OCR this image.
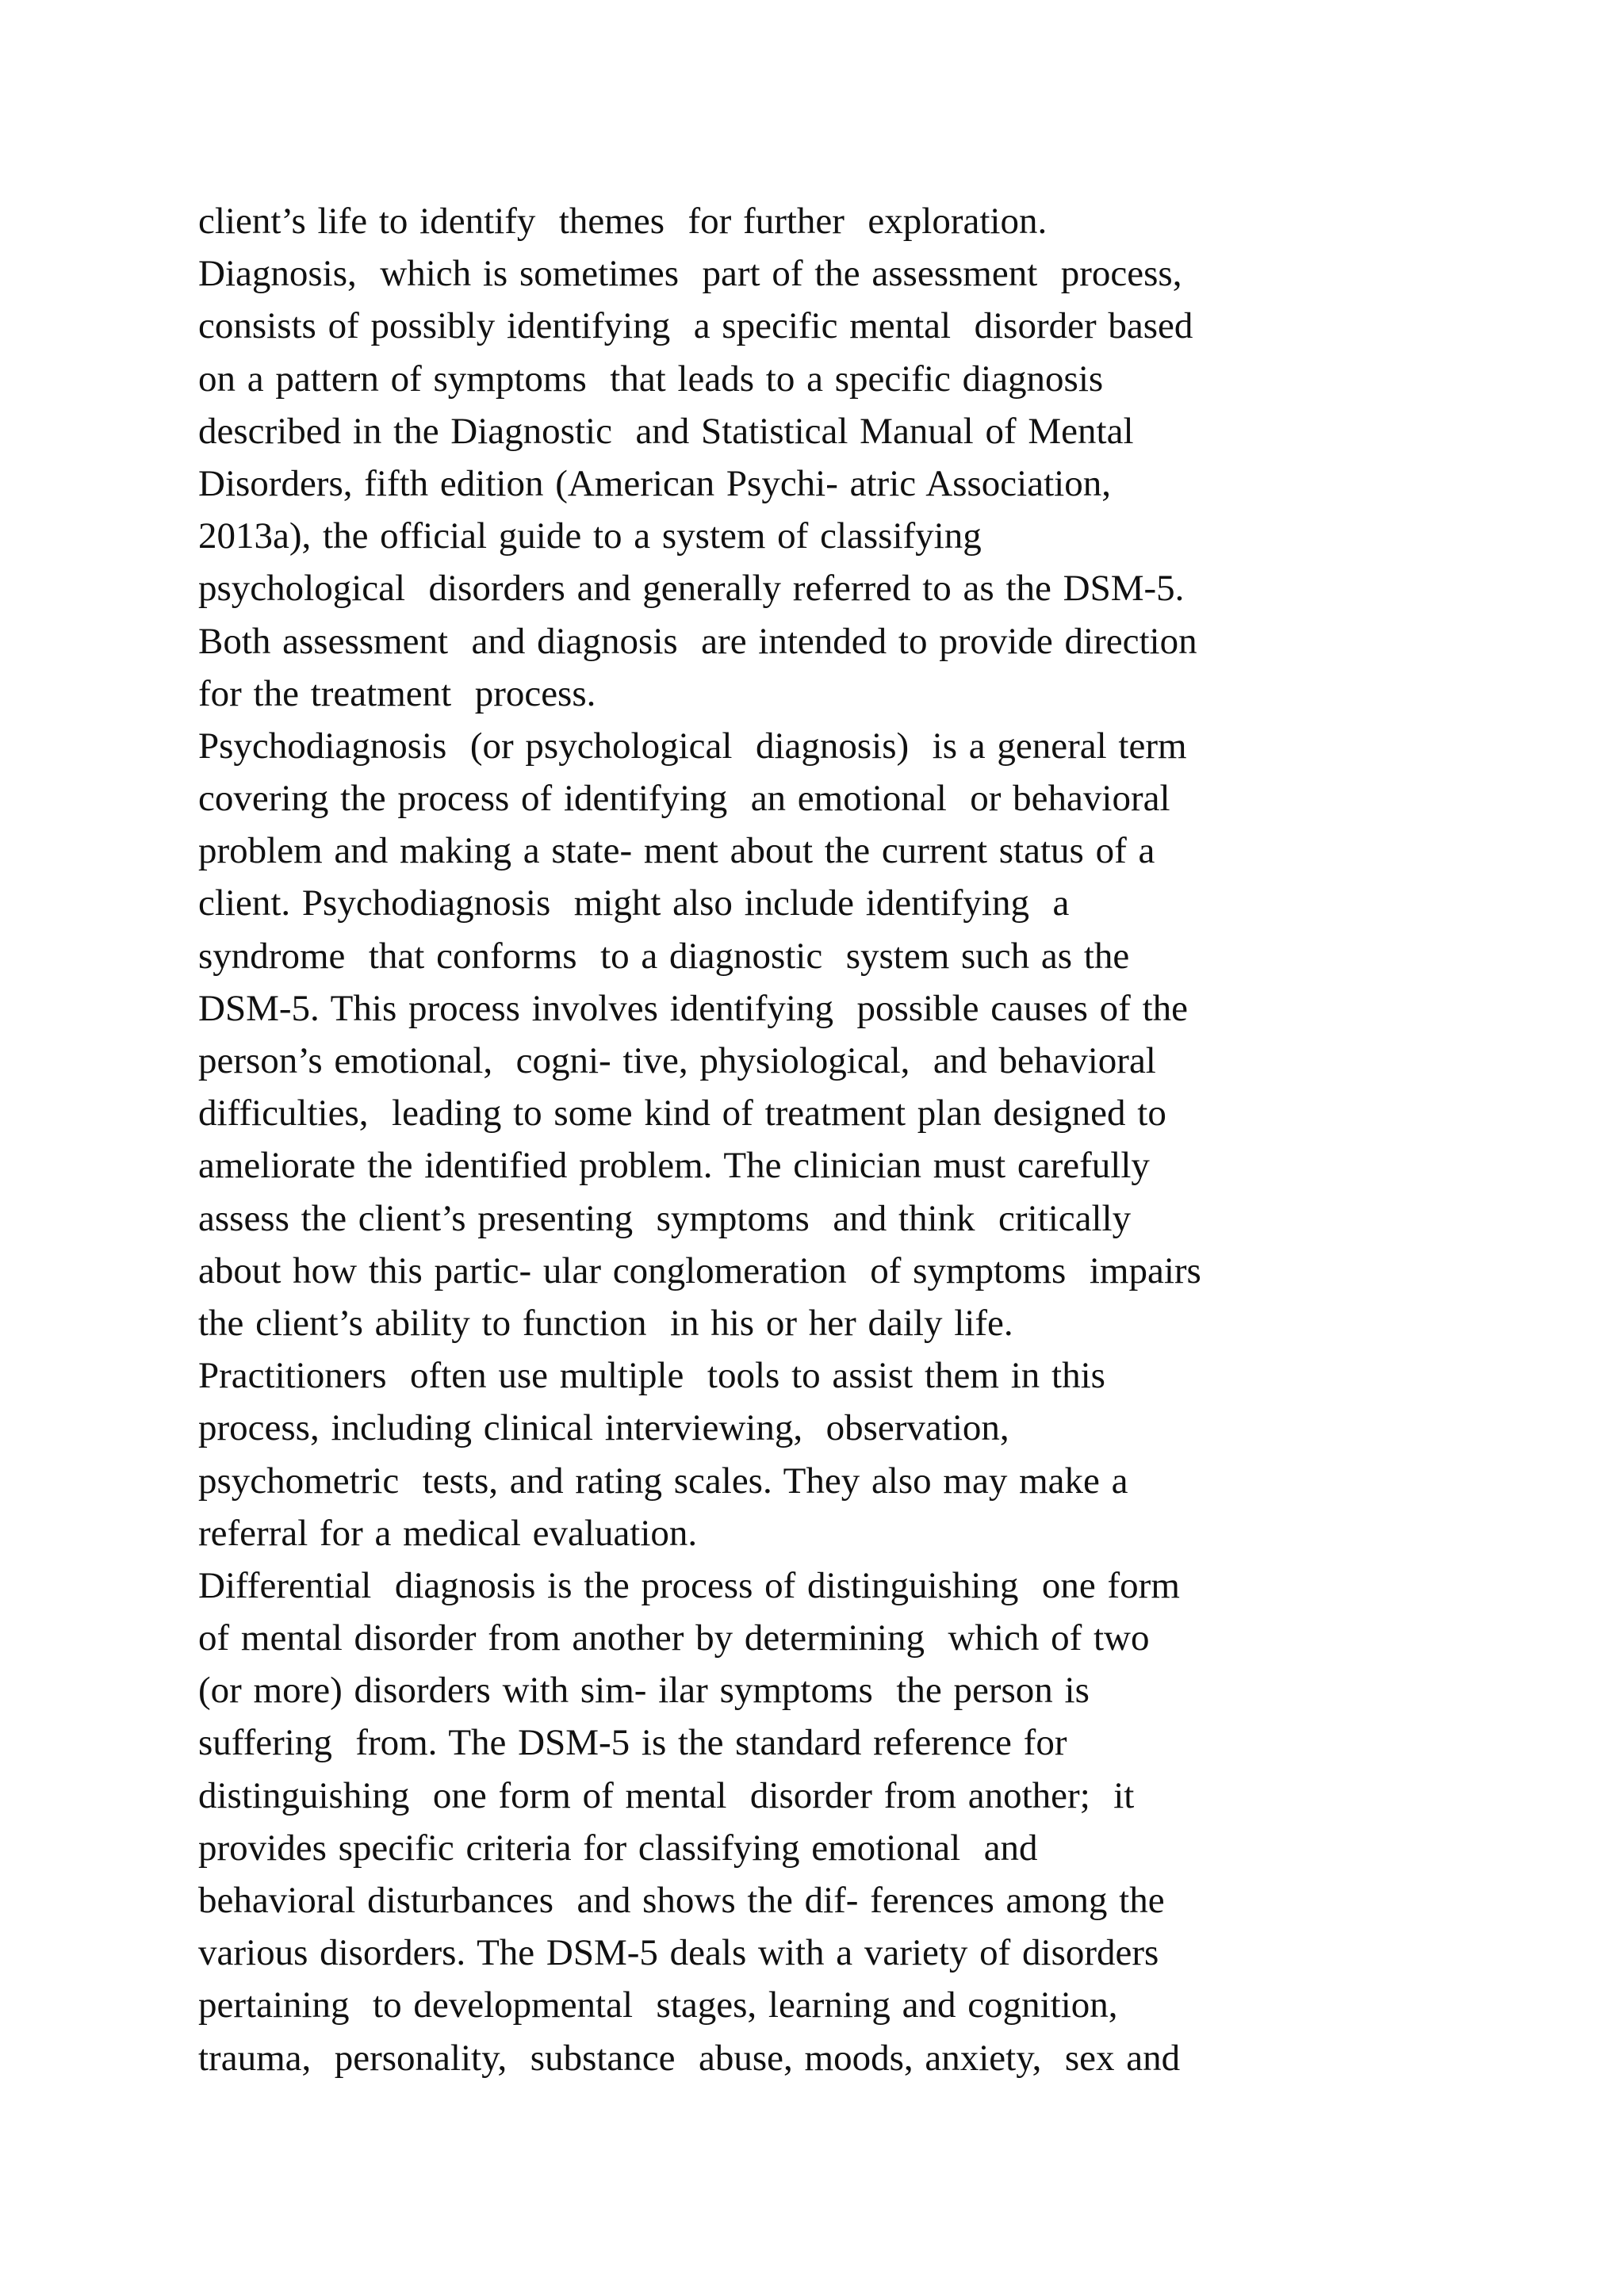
client’s life to identify  themes  for further  exploration.
Diagnosis,  which is sometimes  part of the assessment  process,
consists of possibly identifying  a specific mental  disorder based
on a pattern of symptoms  that leads to a specific diagnosis
described in the Diagnostic  and Statistical Manual of Mental
Disorders, fifth edition (American Psychi- atric Association,
2013a), the official guide to a system of classifying
psychological  disorders and generally referred to as the DSM-5.
Both assessment  and diagnosis  are intended to provide direction
for the treatment  process.
Psychodiagnosis  (or psychological  diagnosis)  is a general term
covering the process of identifying  an emotional  or behavioral
problem and making a state- ment about the current status of a
client. Psychodiagnosis  might also include identifying  a
syndrome  that conforms  to a diagnostic  system such as the
DSM-5. This process involves identifying  possible causes of the
person’s emotional,  cogni- tive, physiological,  and behavioral
difficulties,  leading to some kind of treatment plan designed to
ameliorate the identified problem. The clinician must carefully
assess the client’s presenting  symptoms  and think  critically
about how this partic- ular conglomeration  of symptoms  impairs
the client’s ability to function  in his or her daily life.
Practitioners  often use multiple  tools to assist them in this
process, including clinical interviewing,  observation,
psychometric  tests, and rating scales. They also may make a
referral for a medical evaluation.
Differential  diagnosis is the process of distinguishing  one form
of mental disorder from another by determining  which of two
(or more) disorders with sim- ilar symptoms  the person is
suffering  from. The DSM-5 is the standard reference for
distinguishing  one form of mental  disorder from another;  it
provides specific criteria for classifying emotional  and
behavioral disturbances  and shows the dif- ferences among the
various disorders. The DSM-5 deals with a variety of disorders
pertaining  to developmental  stages, learning and cognition,
trauma,  personality,  substance  abuse, moods, anxiety,  sex and
